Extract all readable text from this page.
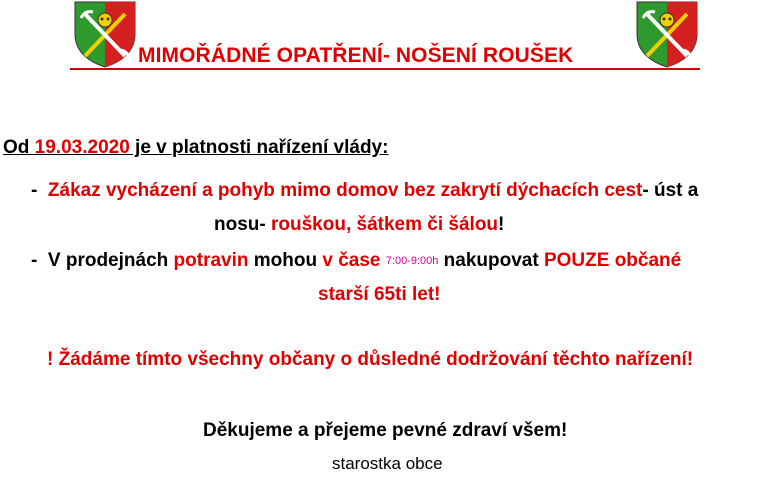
MIMOŘÁDNÉ OPATŘENÍ- NOŠENÍ ROUŠEK
Od 19.03.2020 je v platnosti nařízení vlády:
- Zákaz vycházení a pohyb mimo domov bez zakrytí dýchacích cest- úst a
nosu- rouškou, šátkem či šálou!
- V prodejnách potravin mohou v čase 7:00-9:00h nakupovat POUZE občané
starší 65ti let!
! Žádáme tímto všechny občany o důsledné dodržování těchto nařízení!
Děkujeme a přejeme pevné zdraví všem!
starostka obce
